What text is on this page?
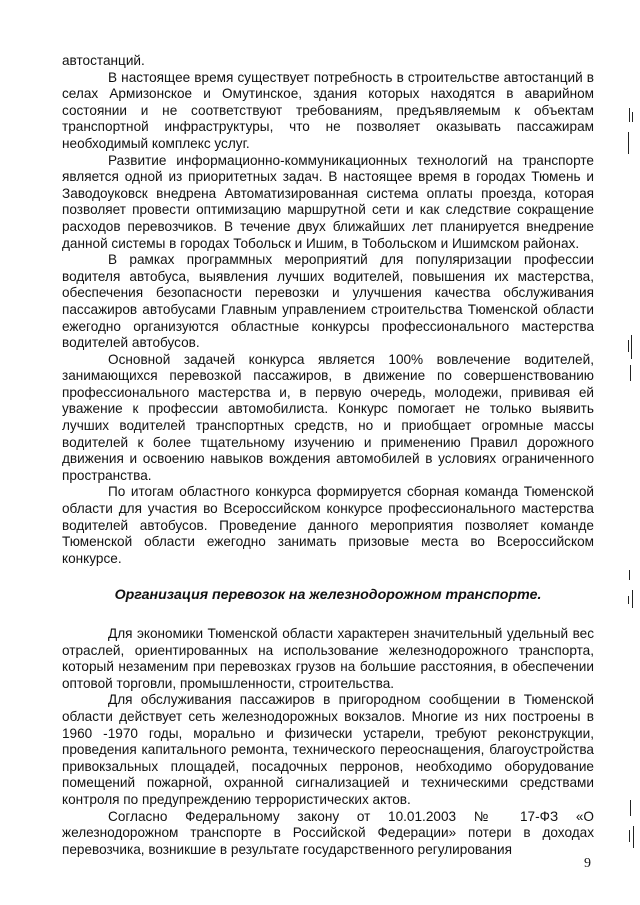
автостанций.

В настоящее время существует потребность в строительстве автостанций в селах Армизонское и Омутинское, здания которых находятся в аварийном состоянии и не соответствуют требованиям, предъявляемым к объектам транспортной инфраструктуры, что не позволяет оказывать пассажирам необходимый комплекс услуг.

Развитие информационно-коммуникационных технологий на транспорте является одной из приоритетных задач. В настоящее время в городах Тюмень и Заводоуковск внедрена Автоматизированная система оплаты проезда, которая позволяет провести оптимизацию маршрутной сети и как следствие сокращение расходов перевозчиков. В течение двух ближайших лет планируется внедрение данной системы в городах Тобольск и Ишим, в Тобольском и Ишимском районах.

В рамках программных мероприятий для популяризации профессии водителя автобуса, выявления лучших водителей, повышения их мастерства, обеспечения безопасности перевозки и улучшения качества обслуживания пассажиров автобусами Главным управлением строительства Тюменской области ежегодно организуются областные конкурсы профессионального мастерства водителей автобусов.

Основной задачей конкурса является 100% вовлечение водителей, занимающихся перевозкой пассажиров, в движение по совершенствованию профессионального мастерства и, в первую очередь, молодежи, прививая ей уважение к профессии автомобилиста. Конкурс помогает не только выявить лучших водителей транспортных средств, но и приобщает огромные массы водителей к более тщательному изучению и применению Правил дорожного движения и освоению навыков вождения автомобилей в условиях ограниченного пространства.

По итогам областного конкурса формируется сборная команда Тюменской области для участия во Всероссийском конкурсе профессионального мастерства водителей автобусов. Проведение данного мероприятия позволяет команде Тюменской области ежегодно занимать призовые места во Всероссийском конкурсе.

Организация перевозок на железнодорожном транспорте.

Для экономики Тюменской области характерен значительный удельный вес отраслей, ориентированных на использование железнодорожного транспорта, который незаменим при перевозках грузов на большие расстояния, в обеспечении оптовой торговли, промышленности, строительства.

Для обслуживания пассажиров в пригородном сообщении в Тюменской области действует сеть железнодорожных вокзалов. Многие из них построены в 1960 -1970 годы, морально и физически устарели, требуют реконструкции, проведения капитального ремонта, технического переоснащения, благоустройства привокзальных площадей, посадочных перронов, необходимо оборудование помещений пожарной, охранной сигнализацией и техническими средствами контроля по предупреждению террористических актов.

Согласно Федеральному закону от 10.01.2003 № 17-ФЗ «О железнодорожном транспорте в Российской Федерации» потери в доходах перевозчика, возникшие в результате государственного регулирования

9
